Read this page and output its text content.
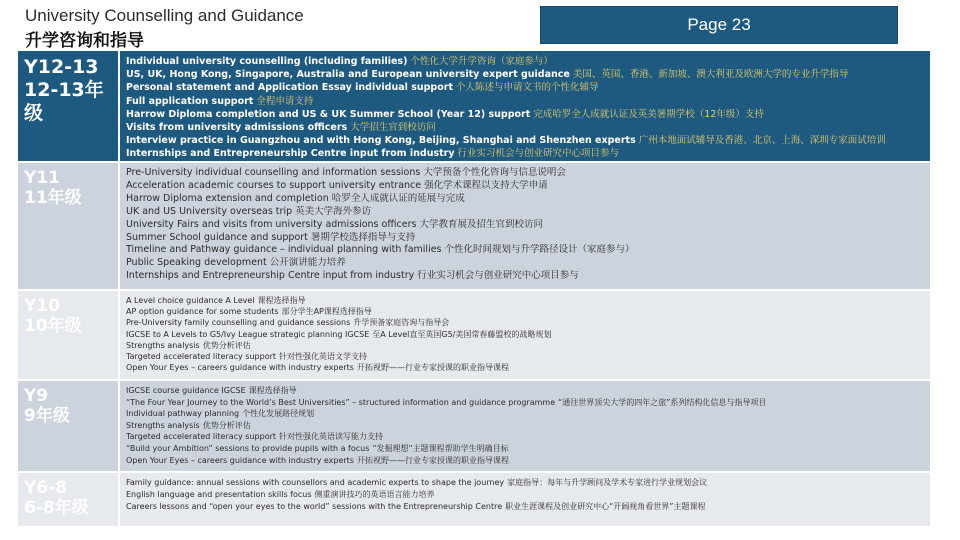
University Counselling and Guidance
升学咨询和指导
Page 23
Y12-13
12-13年级
Individual university counselling (including families) 个性化大学升学咨询（家庭参与）
US, UK, Hong Kong, Singapore, Australia and European university expert guidance 美国、英国、香港、新加坡、澳大利亚及欧洲大学的专业升学指导
Personal statement and Application Essay individual support 个人陈述与申请文书的个性化辅导
Full application support 全程申请支持
Harrow Diploma completion and US & UK Summer School (Year 12) support 完成哈罗全人成就认证及英美暑期学校（12年级）支持
Visits from university admissions officers 大学招生官到校访问
Interview practice in Guangzhou and with Hong Kong, Beijing, Shanghai and Shenzhen experts 广州本地面试辅导及香港、北京、上海、深圳专家面试培训
Internships and Entrepreneurship Centre input from industry 行业实习机会与创业研究中心项目参与
Y11
11年级
Pre-University individual counselling and information sessions 大学预备个性化咨询与信息说明会
Acceleration academic courses to support university entrance 强化学术课程以支持大学申请
Harrow Diploma extension and completion 哈罗全人成就认证的延展与完成
UK and US University overseas trip 英美大学海外参访
University Fairs and visits from university admissions officers 大学教育展及招生官到校访问
Summer School guidance and support 暑期学校选择指导与支持
Timeline and Pathway guidance – individual planning with families 个性化时间规划与升学路径设计（家庭参与）
Public Speaking development 公开演讲能力培养
Internships and Entrepreneurship Centre input from industry 行业实习机会与创业研究中心项目参与
Y10
10年级
A Level choice guidance A Level 课程选择指导
AP option guidance for some students 部分学生AP课程选择指导
Pre-University family counselling and guidance sessions 升学预备家庭咨询与指导会
IGCSE to A Levels to G5/Ivy League strategic planning IGCSE 至A Level直至英国G5/美国常春藤盟校的战略规划
Strengths analysis 优势分析评估
Targeted accelerated literacy support 针对性强化英语文学支持
Open Your Eyes – careers guidance with industry experts 开拓视野——行业专家授课的职业指导课程
Y9
9年级
IGCSE course guidance IGCSE 课程选择指导
“The Four Year Journey to the World’s Best Universities” – structured information and guidance programme “通往世界顶尖大学的四年之旅”系列结构化信息与指导项目
Individual pathway planning 个性化发展路径规划
Strengths analysis 优势分析评估
Targeted accelerated literacy support 针对性强化英语读写能力支持
“Build your Ambition” sessions to provide pupils with a focus “发掘理想”主题课程帮助学生明确目标
Open Your Eyes – careers guidance with industry experts 开拓视野——行业专家授课的职业指导课程
Y6-8
6-8年级
Family guidance: annual sessions with counsellors and academic experts to shape the journey 家庭指导：每年与升学顾问及学术专家进行学业规划会议
English language and presentation skills focus 侧重演讲技巧的英语语言能力培养
Careers lessons and “open your eyes to the world” sessions with the Entrepreneurship Centre 职业生涯课程及创业研究中心“开阔视角看世界”主题课程
